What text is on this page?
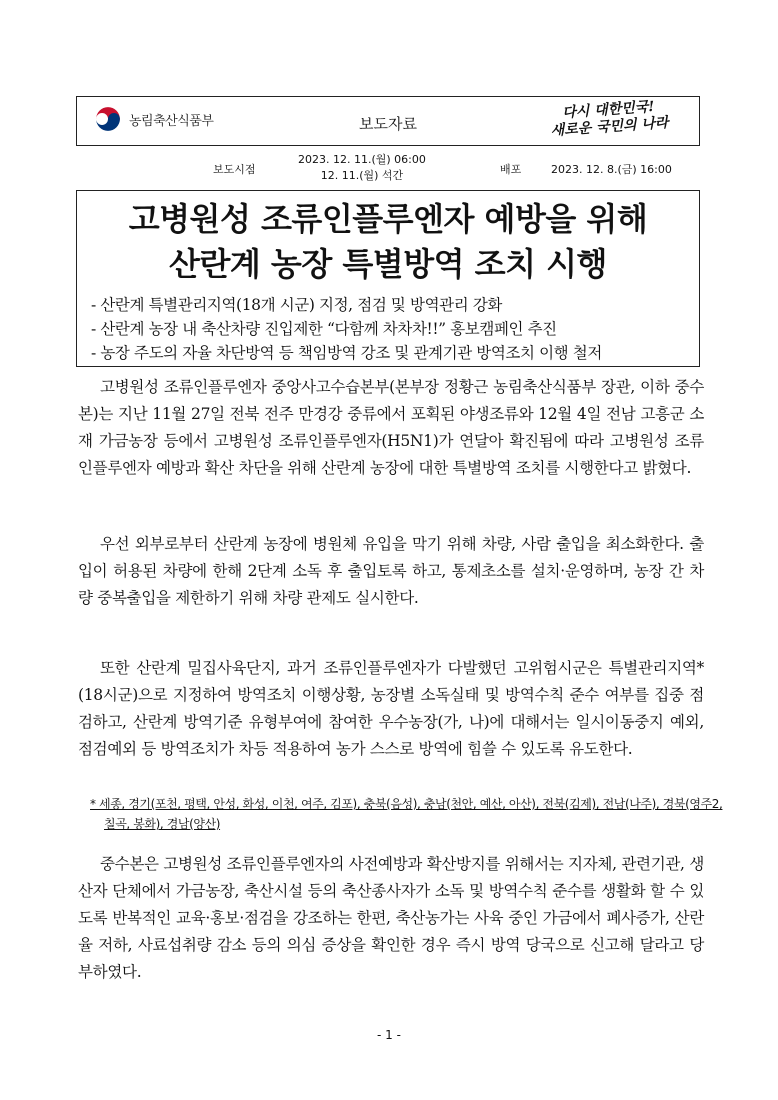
농림축산식품부	보도자료
다시 대한민국!
새로운 국민의 나라
보도시점
2023. 12. 11.(월) 06:00
12. 11.(월) 석간	배포	2023. 12. 8.(금) 16:00
고병원성 조류인플루엔자 예방을 위해
산란계 농장 특별방역 조치 시행
- 산란계 특별관리지역(18개 시군) 지정, 점검 및 방역관리 강화
- 산란계 농장 내 축산차량 진입제한 “다함께 차차차!!” 홍보캠페인 추진
- 농장 주도의 자율 차단방역 등 책임방역 강조 및 관계기관 방역조치 이행 철저

고병원성 조류인플루엔자 중앙사고수습본부(본부장 정황근 농림축산식품부 장관, 이하 중수본)는 지난 11월 27일 전북 전주 만경강 중류에서 포획된 야생조류와 12월 4일 전남 고흥군 소재 가금농장 등에서 고병원성 조류인플루엔자(H5N1)가 연달아 확진됨에 따라 고병원성 조류인플루엔자 예방과 확산 차단을 위해 산란계 농장에 대한 특별방역 조치를 시행한다고 밝혔다.

우선 외부로부터 산란계 농장에 병원체 유입을 막기 위해 차량, 사람 출입을 최소화한다. 출입이 허용된 차량에 한해 2단계 소독 후 출입토록 하고, 통제초소를 설치·운영하며, 농장 간 차량 중복출입을 제한하기 위해 차량 관제도 실시한다.

또한 산란계 밀집사육단지, 과거 조류인플루엔자가 다발했던 고위험시군은 특별관리지역*(18시군)으로 지정하여 방역조치 이행상황, 농장별 소독실태 및 방역수칙 준수 여부를 집중 점검하고, 산란계 방역기준 유형부여에 참여한 우수농장(가, 나)에 대해서는 일시이동중지 예외, 점검예외 등 방역조치가 차등 적용하여 농가 스스로 방역에 힘쓸 수 있도록 유도한다.

* 세종, 경기(포천, 평택, 안성, 화성, 이천, 여주, 김포), 충북(음성), 충남(천안, 예산, 아산), 전북(김제), 전남(나주), 경북(영주2, 칠곡, 봉화), 경남(양산)

중수본은 고병원성 조류인플루엔자의 사전예방과 확산방지를 위해서는 지자체, 관련기관, 생산자 단체에서 가금농장, 축산시설 등의 축산종사자가 소독 및 방역수칙 준수를 생활화 할 수 있도록 반복적인 교육·홍보·점검을 강조하는 한편, 축산농가는 사육 중인 가금에서 폐사증가, 산란율 저하, 사료섭취량 감소 등의 의심 증상을 확인한 경우 즉시 방역 당국으로 신고해 달라고 당부하였다.

- 1 -
